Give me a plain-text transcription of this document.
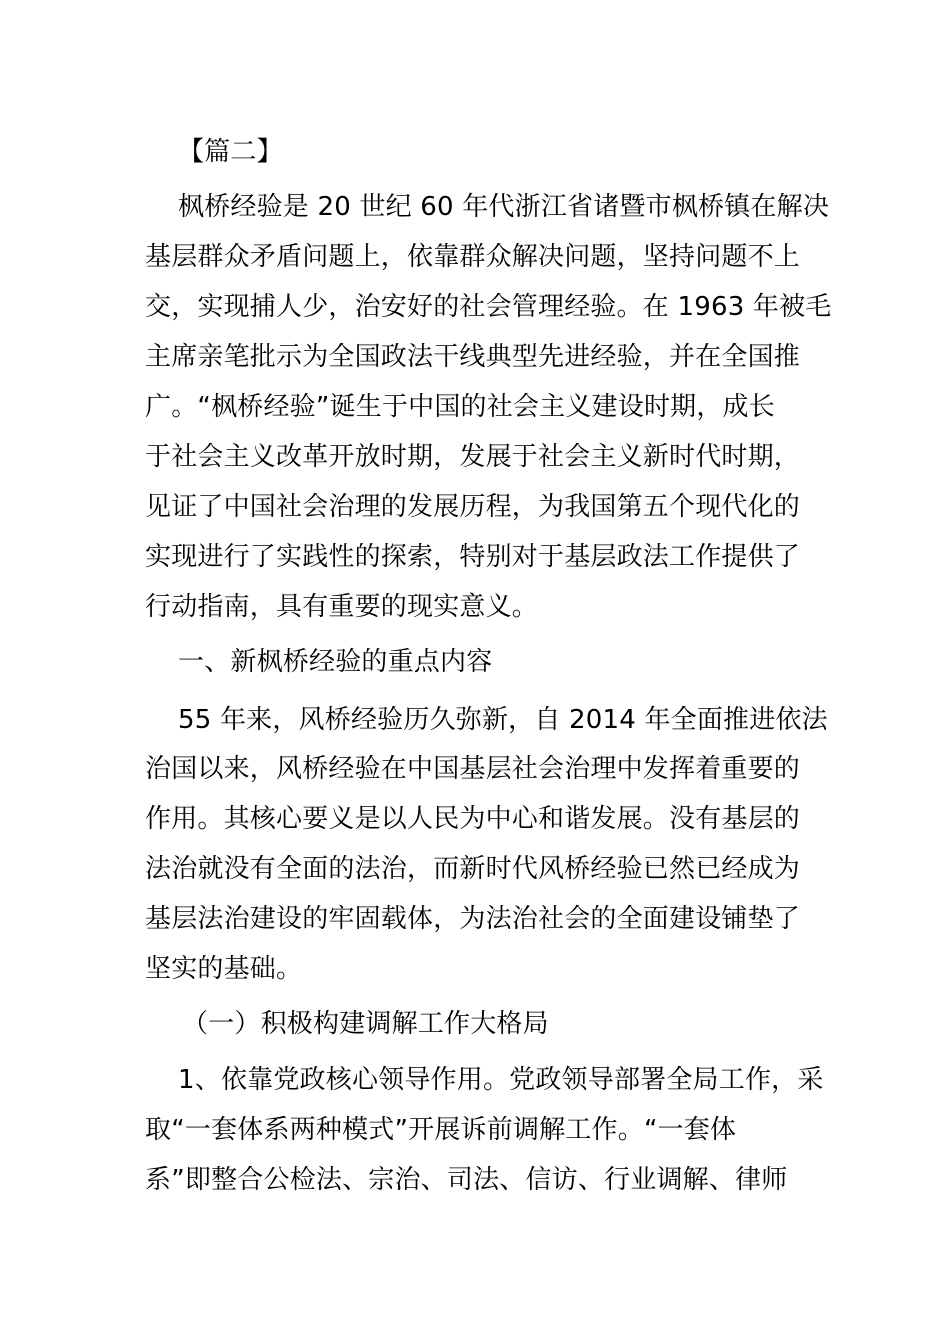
【篇二】
枫桥经验是 20 世纪 60 年代浙江省诸暨市枫桥镇在解决
基层群众矛盾问题上，依靠群众解决问题，坚持问题不上
交，实现捕人少，治安好的社会管理经验。在 1963 年被毛
主席亲笔批示为全国政法干线典型先进经验，并在全国推
广。“枫桥经验”诞生于中国的社会主义建设时期，成长
于社会主义改革开放时期，发展于社会主义新时代时期，
见证了中国社会治理的发展历程，为我国第五个现代化的
实现进行了实践性的探索，特别对于基层政法工作提供了
行动指南，具有重要的现实意义。
一、新枫桥经验的重点内容
55 年来，风桥经验历久弥新，自 2014 年全面推进依法
治国以来，风桥经验在中国基层社会治理中发挥着重要的
作用。其核心要义是以人民为中心和谐发展。没有基层的
法治就没有全面的法治，而新时代风桥经验已然已经成为
基层法治建设的牢固载体，为法治社会的全面建设铺垫了
坚实的基础。
（一）积极构建调解工作大格局
1、依靠党政核心领导作用。党政领导部署全局工作，采
取“一套体系两种模式”开展诉前调解工作。“一套体
系”即整合公检法、宗治、司法、信访、行业调解、律师
